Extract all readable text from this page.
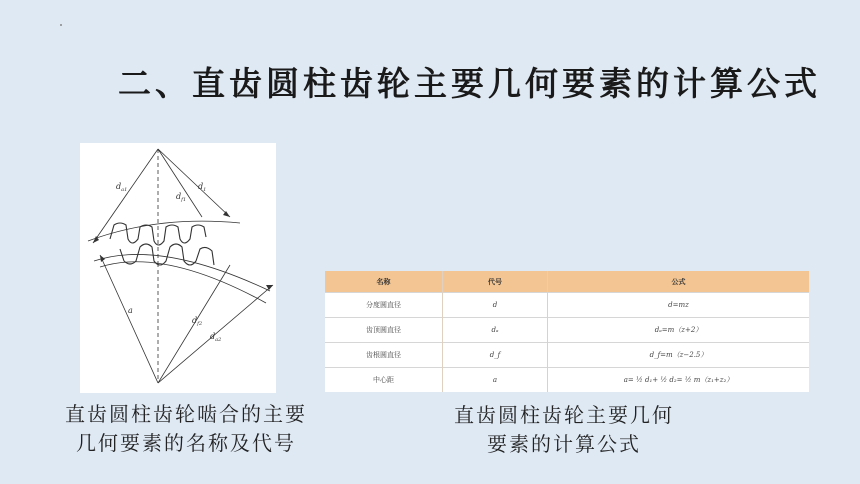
二、直齿圆柱齿轮主要几何要素的计算公式
$d_{a1}$	$d_1$
$d_{f1}$
a
$d_{f2}$
$d_{a2}$
直齿圆柱齿轮啮合的主要
几何要素的名称及代号
名称	代号	公式
分度圆直径	d	d=mz
齿顶圆直径	dₐ	dₐ=m（z+2）
齿根圆直径	d_f	d_f=m（z−2.5）
中心距	a	a= ½ d₁+ ½ d₂= ½ m（z₁+z₂）
直齿圆柱齿轮主要几何
要素的计算公式
